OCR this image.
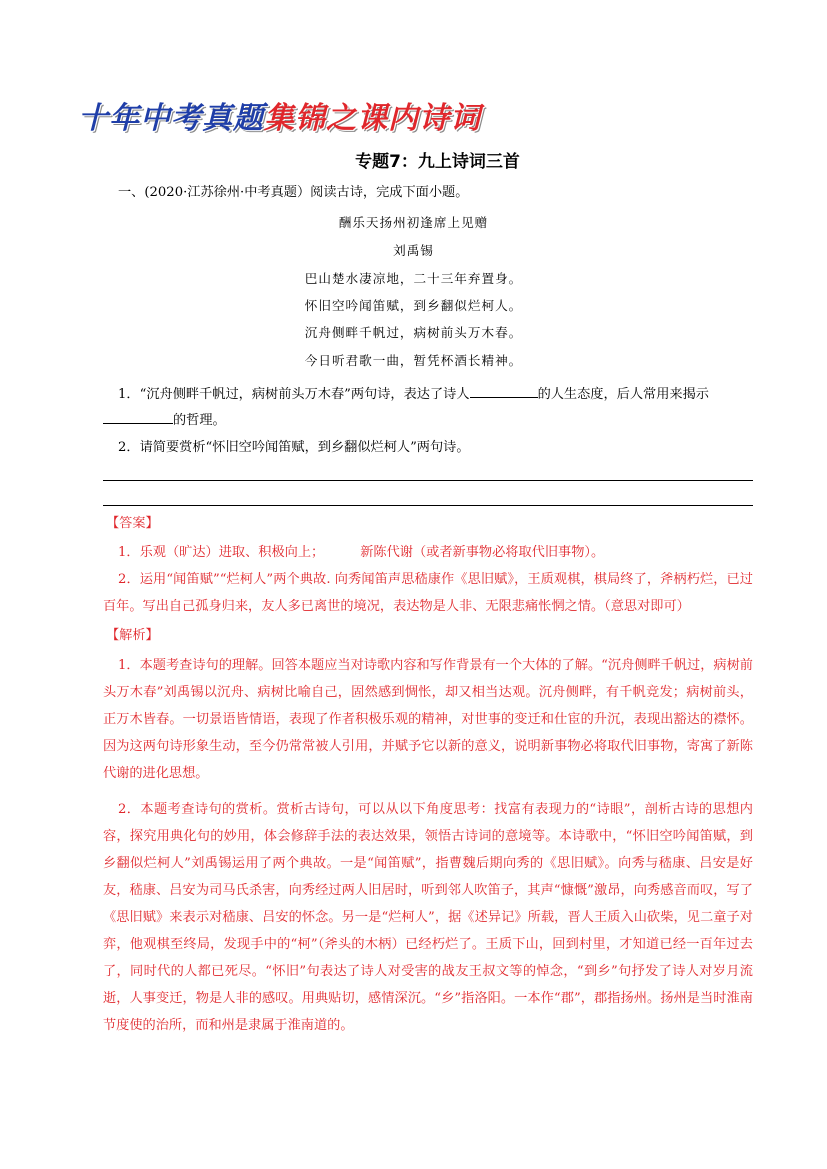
十年中考真题集锦之课内诗词
专题7：九上诗词三首
一、(2020·江苏徐州·中考真题）阅读古诗，完成下面小题。
酬乐天扬州初逢席上见赠
刘禹锡
巴山楚水凄凉地，二十三年弃置身。
怀旧空吟闻笛赋，到乡翻似烂柯人。
沉舟侧畔千帆过，病树前头万木春。
今日听君歌一曲，暂凭杯酒长精神。
1．“沉舟侧畔千帆过，病树前头万木春”两句诗，表达了诗人	的人生态度，后人常用来揭示
的哲理。
2．请简要赏析“怀旧空吟闻笛赋，到乡翻似烂柯人”两句诗。
【答案】
1．乐观（旷达）进取、积极向上；	新陈代谢（或者新事物必将取代旧事物）。
2．运用“闻笛赋”“烂柯人”两个典故. 向秀闻笛声思嵇康作《思旧赋》，王质观棋，棋局终了，斧柄朽烂，已过百年。写出自己孤身归来，友人多已离世的境况，表达物是人非、无限悲痛怅惘之情。（意思对即可）
【解析】
1．本题考查诗句的理解。回答本题应当对诗歌内容和写作背景有一个大体的了解。“沉舟侧畔千帆过，病树前头万木春”刘禹锡以沉舟、病树比喻自己，固然感到惆怅，却又相当达观。沉舟侧畔，有千帆竞发；病树前头，正万木皆春。一切景语皆情语，表现了作者积极乐观的精神，对世事的变迁和仕宦的升沉，表现出豁达的襟怀。因为这两句诗形象生动，至今仍常常被人引用，并赋予它以新的意义，说明新事物必将取代旧事物，寄寓了新陈代谢的进化思想。
2．本题考查诗句的赏析。赏析古诗句，可以从以下角度思考：找富有表现力的“诗眼”，剖析古诗的思想内容，探究用典化句的妙用，体会修辞手法的表达效果，领悟古诗词的意境等。本诗歌中，“怀旧空吟闻笛赋，到乡翻似烂柯人”刘禹锡运用了两个典故。一是“闻笛赋”，指曹魏后期向秀的《思旧赋》。向秀与嵇康、吕安是好友，嵇康、吕安为司马氏杀害，向秀经过两人旧居时，听到邻人吹笛子，其声“慷慨”激昂，向秀感音而叹，写了《思旧赋》来表示对嵇康、吕安的怀念。另一是“烂柯人”，据《述异记》所载，晋人王质入山砍柴，见二童子对弈，他观棋至终局，发现手中的“柯”（斧头的木柄）已经朽烂了。王质下山，回到村里，才知道已经一百年过去了，同时代的人都已死尽。“怀旧”句表达了诗人对受害的战友王叔文等的悼念，“到乡”句抒发了诗人对岁月流逝，人事变迁，物是人非的感叹。用典贴切，感情深沉。“乡”指洛阳。一本作“郡”，郡指扬州。扬州是当时淮南节度使的治所，而和州是隶属于淮南道的。
